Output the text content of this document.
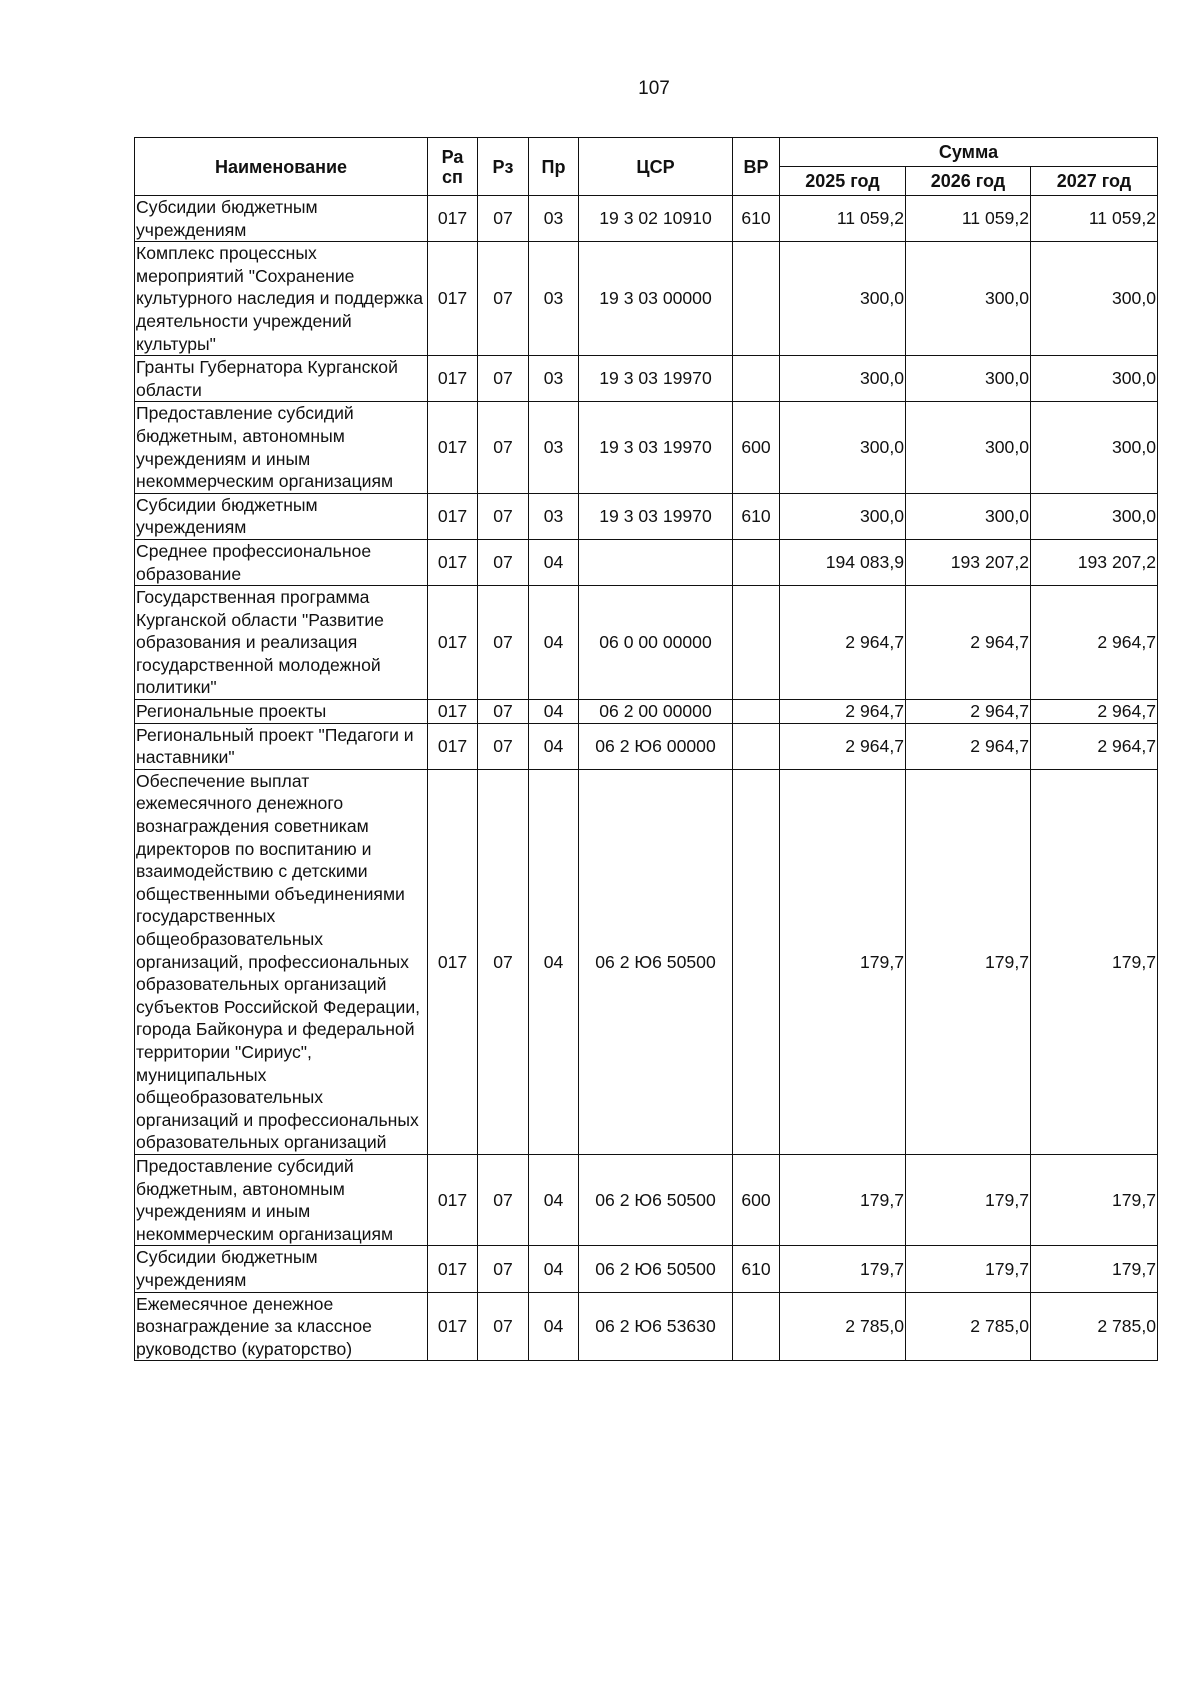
107
Наименование	Ра сп	Рз	Пр	ЦСР	ВР	Сумма		
						2025 год	2026 год	2027 год
Субсидии бюджетным учреждениям	017	07	03	19 3 02 10910	610	11 059,2	11 059,2	11 059,2
Комплекс процессных мероприятий "Сохранение культурного наследия и поддержка деятельности учреждений культуры"	017	07	03	19 3 03 00000		300,0	300,0	300,0
Гранты Губернатора Курганской области	017	07	03	19 3 03 19970		300,0	300,0	300,0
Предоставление субсидий бюджетным, автономным учреждениям и иным некоммерческим организациям	017	07	03	19 3 03 19970	600	300,0	300,0	300,0
Субсидии бюджетным учреждениям	017	07	03	19 3 03 19970	610	300,0	300,0	300,0
Среднее профессиональное образование	017	07	04			194 083,9	193 207,2	193 207,2
Государственная программа Курганской области "Развитие образования и реализация государственной молодежной политики"	017	07	04	06 0 00 00000		2 964,7	2 964,7	2 964,7
Региональные проекты	017	07	04	06 2 00 00000		2 964,7	2 964,7	2 964,7
Региональный проект "Педагоги и наставники"	017	07	04	06 2 Ю6 00000		2 964,7	2 964,7	2 964,7
Обеспечение выплат ежемесячного денежного вознаграждения советникам директоров по воспитанию и взаимодействию с детскими общественными объединениями государственных общеобразовательных организаций, профессиональных образовательных организаций субъектов Российской Федерации, города Байконура и федеральной территории "Сириус", муниципальных общеобразовательных организаций и профессиональных образовательных организаций	017	07	04	06 2 Ю6 50500		179,7	179,7	179,7
Предоставление субсидий бюджетным, автономным учреждениям и иным некоммерческим организациям	017	07	04	06 2 Ю6 50500	600	179,7	179,7	179,7
Субсидии бюджетным учреждениям	017	07	04	06 2 Ю6 50500	610	179,7	179,7	179,7
Ежемесячное денежное вознаграждение за классное руководство (кураторство)	017	07	04	06 2 Ю6 53630		2 785,0	2 785,0	2 785,0
